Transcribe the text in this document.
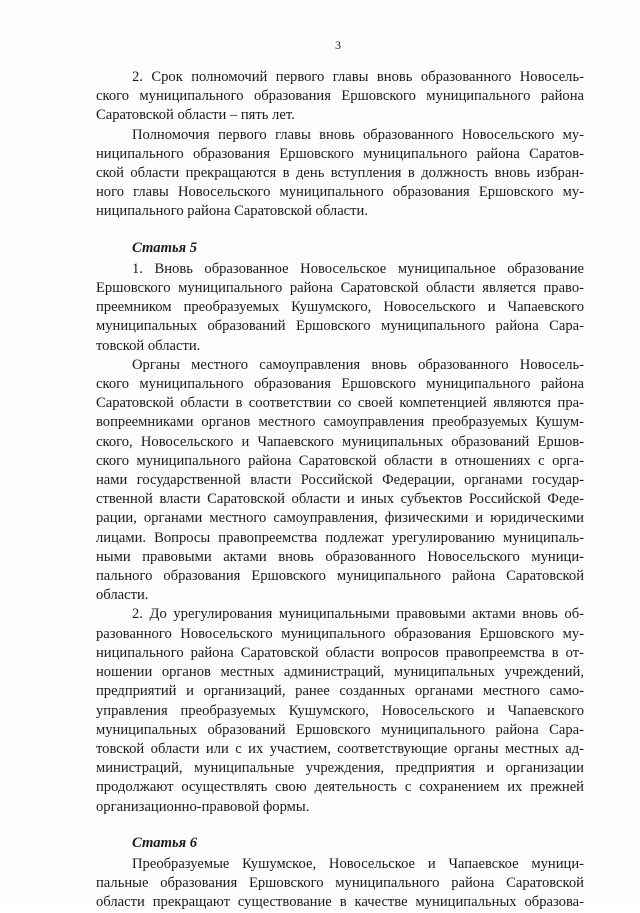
3
2. Срок полномочий первого главы вновь образованного Новосель-
ского муниципального образования Ершовского муниципального района
Саратовской области – пять лет.
Полномочия первого главы вновь образованного Новосельского му-
ниципального образования Ершовского муниципального района Саратов-
ской области прекращаются в день вступления в должность вновь избран-
ного главы Новосельского муниципального образования Ершовского му-
ниципального района Саратовской области.
Статья 5
1. Вновь образованное Новосельское муниципальное образование
Ершовского муниципального района Саратовской области является право-
преемником преобразуемых Кушумского, Новосельского и Чапаевского
муниципальных образований Ершовского муниципального района Сара-
товской области.
Органы местного самоуправления вновь образованного Новосель-
ского муниципального образования Ершовского муниципального района
Саратовской области в соответствии со своей компетенцией являются пра-
вопреемниками органов местного самоуправления преобразуемых Кушум-
ского, Новосельского и Чапаевского муниципальных образований Ершов-
ского муниципального района Саратовской области в отношениях с орга-
нами государственной власти Российской Федерации, органами государ-
ственной власти Саратовской области и иных субъектов Российской Феде-
рации, органами местного самоуправления, физическими и юридическими
лицами. Вопросы правопреемства подлежат урегулированию муниципаль-
ными правовыми актами вновь образованного Новосельского муници-
пального образования Ершовского муниципального района Саратовской
области.
2. До урегулирования муниципальными правовыми актами вновь об-
разованного Новосельского муниципального образования Ершовского му-
ниципального района Саратовской области вопросов правопреемства в от-
ношении органов местных администраций, муниципальных учреждений,
предприятий и организаций, ранее созданных органами местного само-
управления преобразуемых Кушумского, Новосельского и Чапаевского
муниципальных образований Ершовского муниципального района Сара-
товской области или с их участием, соответствующие органы местных ад-
министраций, муниципальные учреждения, предприятия и организации
продолжают осуществлять свою деятельность с сохранением их прежней
организационно-правовой формы.
Статья 6
Преобразуемые Кушумское, Новосельское и Чапаевское муници-
пальные образования Ершовского муниципального района Саратовской
области прекращают существование в качестве муниципальных образова-
